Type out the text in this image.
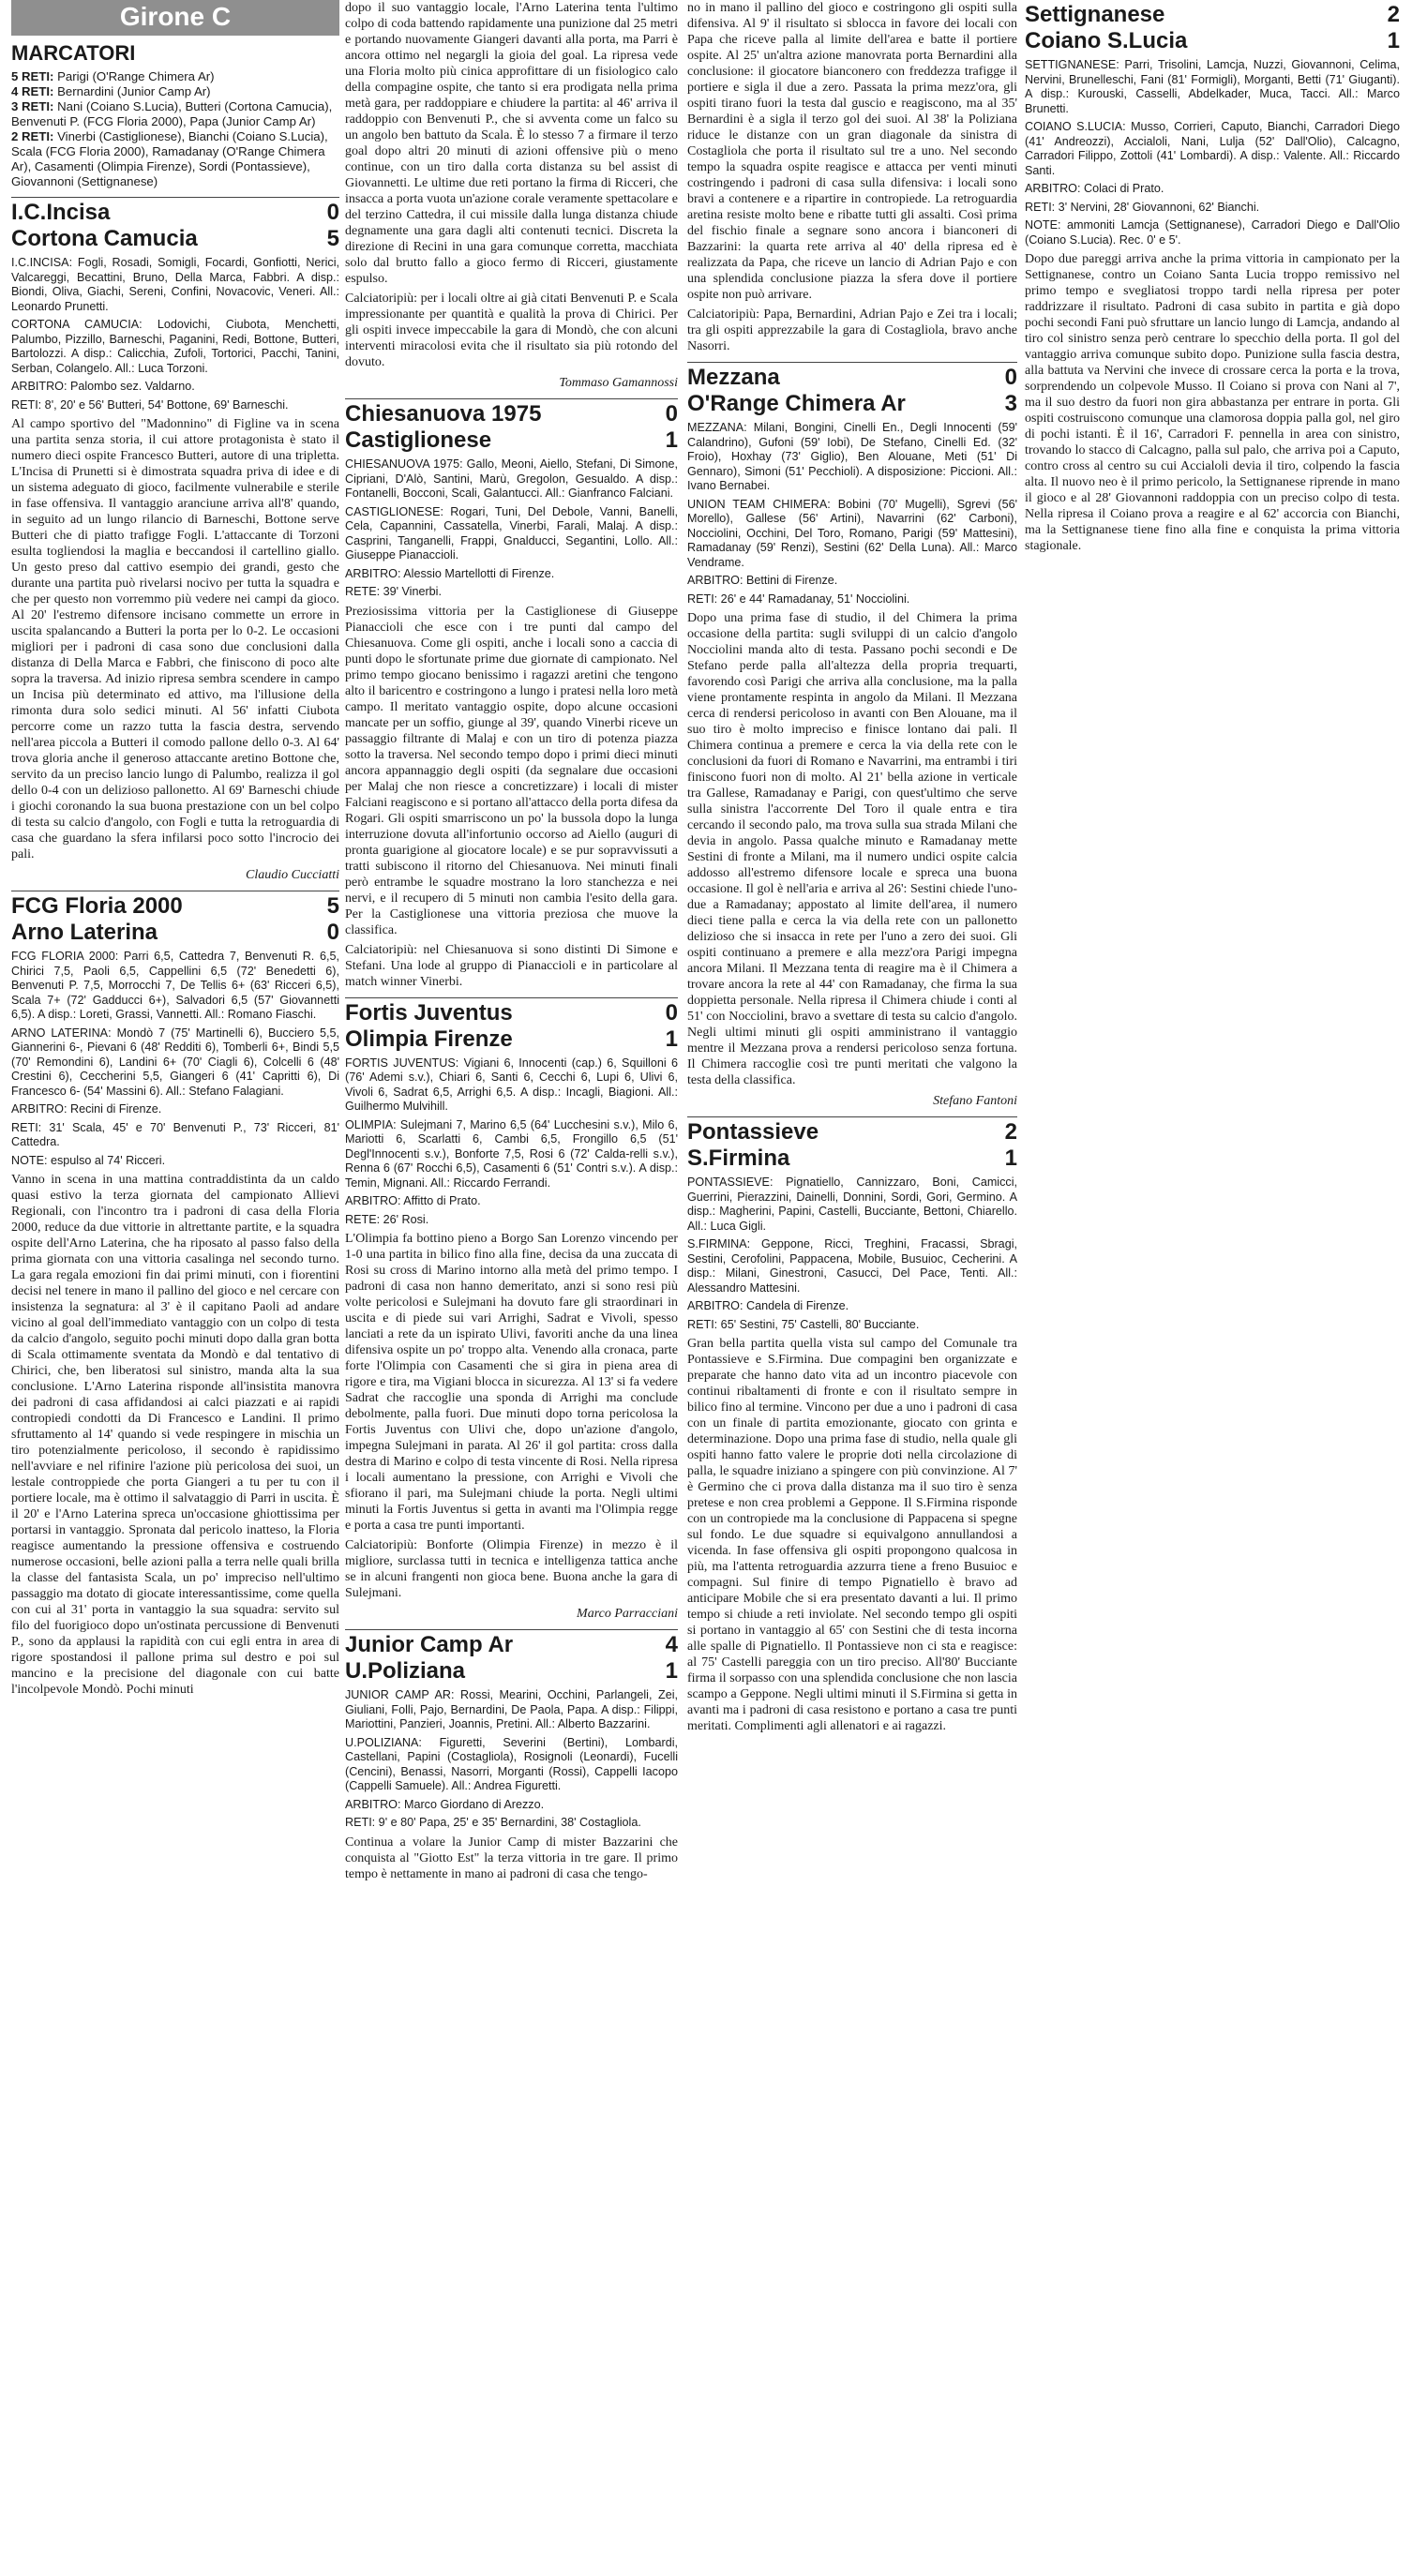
Girone C
MARCATORI

5 RETI: Parigi (O'Range Chimera Ar)

4 RETI: Bernardini (Junior Camp Ar)

3 RETI: Nani (Coiano S.Lucia), Butteri (Cortona Camucia), Benvenuti P. (FCG Floria 2000), Papa (Junior Camp Ar)

2 RETI: Vinerbi (Castiglionese), Bianchi (Coiano S.Lucia), Scala (FCG Floria 2000), Ramadanay (O'Range Chimera Ar), Casamenti (Olimpia Firenze), Sordi (Pontassieve), Giovannoni (Settignanese)

I.C.Incisa	0
Cortona Camucia	5

I.C.INCISA: Fogli, Rosadi, Somigli, Focardi, Gonfiotti, Nerici, Valcareggi, Becattini, Bruno, Della Marca, Fabbri. A disp.: Biondi, Oliva, Giachi, Sereni, Confini, Novacovic, Veneri. All.: Leonardo Prunetti.

CORTONA CAMUCIA: Lodovichi, Ciubota, Menchetti, Palumbo, Pizzillo, Barneschi, Paganini, Redi, Bottone, Butteri, Bartolozzi. A disp.: Calicchia, Zufoli, Tortorici, Pacchi, Tanini, Serban, Colangelo. All.: Luca Torzoni.

ARBITRO: Palombo sez. Valdarno.

RETI: 8', 20' e 56' Butteri, 54' Bottone, 69' Barneschi.

Al campo sportivo del "Madonnino" di Figline va in scena una partita senza storia, il cui attore protagonista è stato il numero dieci ospite Francesco Butteri, autore di una tripletta. L'Incisa di Prunetti si è dimostrata squadra priva di idee e di un sistema adeguato di gioco, facilmente vulnerabile e sterile in fase offensiva. Il vantaggio aranciune arriva all'8' quando, in seguito ad un lungo rilancio di Barneschi, Bottone serve Butteri che di piatto trafigge Fogli. L'attaccante di Torzoni esulta togliendosi la maglia e beccandosi il cartellino giallo. Un gesto preso dal cattivo esempio dei grandi, gesto che durante una partita può rivelarsi nocivo per tutta la squadra e che per questo non vorremmo più vedere nei campi da gioco. Al 20' l'estremo difensore incisano commette un errore in uscita spalancando a Butteri la porta per lo 0-2. Le occasioni migliori per i padroni di casa sono due conclusioni dalla distanza di Della Marca e Fabbri, che finiscono di poco alte sopra la traversa. Ad inizio ripresa sembra scendere in campo un Incisa più determinato ed attivo, ma l'illusione della rimonta dura solo sedici minuti. Al 56' infatti Ciubota percorre come un razzo tutta la fascia destra, servendo nell'area piccola a Butteri il comodo pallone dello 0-3. Al 64' trova gloria anche il generoso attaccante aretino Bottone che, servito da un preciso lancio lungo di Palumbo, realizza il gol dello 0-4 con un delizioso pallonetto. Al 69' Barneschi chiude i giochi coronando la sua buona prestazione con un bel colpo di testa su calcio d'angolo, con Fogli e tutta la retroguardia di casa che guardano la sfera infilarsi poco sotto l'incrocio dei pali.

Claudio Cucciatti
FCG Floria 2000	5
Arno Laterina	0

FCG FLORIA 2000: Parri 6,5, Cattedra 7, Benvenuti R. 6,5, Chirici 7,5, Paoli 6,5, Cappellini 6,5 (72' Benedetti 6), Benvenuti P. 7,5, Morrocchi 7, De Tellis 6+ (63' Ricceri 6,5), Scala 7+ (72' Gadducci 6+), Salvadori 6,5 (57' Giovannetti 6,5). A disp.: Loreti, Grassi, Vannetti. All.: Romano Fiaschi.

ARNO LATERINA: Mondò 7 (75' Martinelli 6), Bucciero 5,5, Giannerini 6-, Pievani 6 (48' Redditi 6), Tomberli 6+, Bindi 5,5 (70' Remondini 6), Landini 6+ (70' Ciagli 6), Colcelli 6 (48' Crestini 6), Ceccherini 5,5, Giangeri 6 (41' Capritti 6), Di Francesco 6- (54' Massini 6). All.: Stefano Falagiani.

ARBITRO: Recini di Firenze.

RETI: 31' Scala, 45' e 70' Benvenuti P., 73' Ricceri, 81' Cattedra.

NOTE: espulso al 74' Ricceri.

Vanno in scena in una mattina contraddistinta da un caldo quasi estivo la terza giornata del campionato Allievi Regionali, con l'incontro tra i padroni di casa della Floria 2000, reduce da due vittorie in altrettante partite, e la squadra ospite dell'Arno Laterina, che ha riposato al passo falso della prima giornata con una vittoria casalinga nel secondo turno. La gara regala emozioni fin dai primi minuti, con i fiorentini decisi nel tenere in mano il pallino del gioco e nel cercare con insistenza la segnatura: al 3' è il capitano Paoli ad andare vicino al goal dell'immediato vantaggio con un colpo di testa da calcio d'angolo, seguito pochi minuti dopo dalla gran botta di Scala ottimamente sventata da Mondò e dal tentativo di Chirici, che, ben liberatosi sul sinistro, manda alta la sua conclusione. L'Arno Laterina risponde all'insistita manovra dei padroni di casa affidandosi ai calci piazzati e ai rapidi contropiedi condotti da Di Francesco e Landini. Il primo sfruttamento al 14' quando si vede respingere in mischia un tiro potenzialmente pericoloso, il secondo è rapidissimo nell'avviare e nel rifinire l'azione più pericolosa dei suoi, un lestale controppiede che porta Giangeri a tu per tu con il portiere locale, ma è ottimo il salvataggio di Parri in uscita. È il 20' e l'Arno Laterina spreca un'occasione ghiottissima per portarsi in vantaggio. Spronata dal pericolo inatteso, la Floria reagisce aumentando la pressione offensiva e costruendo numerose occasioni, belle azioni palla a terra nelle quali brilla la classe del fantasista Scala, un po' impreciso nell'ultimo passaggio ma dotato di giocate interessantissime, come quella con cui al 31' porta in vantaggio la sua squadra: servito sul filo del fuorigioco dopo un'ostinata percussione di Benvenuti P., sono da applausi la rapidità con cui egli entra in area di rigore spostandosi il pallone prima sul destro e poi sul mancino e la precisione del diagonale con cui batte l'incolpevole Mondò. Pochi minuti

dopo il suo vantaggio locale, l'Arno Laterina tenta l'ultimo colpo di coda battendo rapidamente una punizione dal 25 metri e portando nuovamente Giangeri davanti alla porta, ma Parri è ancora ottimo nel negargli la gioia del goal. La ripresa vede una Floria molto più cinica approfittare di un fisiologico calo della compagine ospite, che tanto si era prodigata nella prima metà gara, per raddoppiare e chiudere la partita: al 46' arriva il raddoppio con Benvenuti P., che si avventa come un falco su un angolo ben battuto da Scala. È lo stesso 7 a firmare il terzo goal dopo altri 20 minuti di azioni offensive più o meno continue, con un tiro dalla corta distanza su bel assist di Giovannetti. Le ultime due reti portano la firma di Ricceri, che insacca a porta vuota un'azione corale veramente spettacolare e del terzino Cattedra, il cui missile dalla lunga distanza chiude degnamente una gara dagli alti contenuti tecnici. Discreta la direzione di Recini in una gara comunque corretta, macchiata solo dal brutto fallo a gioco fermo di Ricceri, giustamente espulso.

Calciatoripiù: per i locali oltre ai già citati Benvenuti P. e Scala impressionante per quantità e qualità la prova di Chirici. Per gli ospiti invece impeccabile la gara di Mondò, che con alcuni interventi miracolosi evita che il risultato sia più rotondo del dovuto.

Tommaso Gamannossi
Chiesanuova 1975	0
Castiglionese	1

CHIESANUOVA 1975: Gallo, Meoni, Aiello, Stefani, Di Simone, Cipriani, D'Alò, Santini, Marù, Gregolon, Gesualdo. A disp.: Fontanelli, Bocconi, Scali, Galantucci. All.: Gianfranco Falciani.

CASTIGLIONESE: Rogari, Tuni, Del Debole, Vanni, Banelli, Cela, Capannini, Cassatella, Vinerbi, Farali, Malaj. A disp.: Casprini, Tanganelli, Frappi, Gnalducci, Segantini, Lollo. All.: Giuseppe Pianaccioli.

ARBITRO: Alessio Martellotti di Firenze.

RETE: 39' Vinerbi.

Preziosissima vittoria per la Castiglionese di Giuseppe Pianaccioli che esce con i tre punti dal campo del Chiesanuova. Come gli ospiti, anche i locali sono a caccia di punti dopo le sfortunate prime due giornate di campionato. Nel primo tempo giocano benissimo i ragazzi aretini che tengono alto il baricentro e costringono a lungo i pratesi nella loro metà campo. Il meritato vantaggio ospite, dopo alcune occasioni mancate per un soffio, giunge al 39', quando Vinerbi riceve un passaggio filtrante di Malaj e con un tiro di potenza piazza sotto la traversa. Nel secondo tempo dopo i primi dieci minuti ancora appannaggio degli ospiti (da segnalare due occasioni per Malaj che non riesce a concretizzare) i locali di mister Falciani reagiscono e si portano all'attacco della porta difesa da Rogari. Gli ospiti smarriscono un po' la bussola dopo la lunga interruzione dovuta all'infortunio occorso ad Aiello (auguri di pronta guarigione al giocatore locale) e se pur sopravvissuti a tratti subiscono il ritorno del Chiesanuova. Nei minuti finali però entrambe le squadre mostrano la loro stanchezza e nei nervi, e il recupero di 5 minuti non cambia l'esito della gara. Per la Castiglionese una vittoria preziosa che muove la classifica.

Calciatoripiù: nel Chiesanuova si sono distinti Di Simone e Stefani. Una lode al gruppo di Pianaccioli e in particolare al match winner Vinerbi.

Fortis Juventus	0
Olimpia Firenze	1

FORTIS JUVENTUS: Vigiani 6, Innocenti (cap.) 6, Squilloni 6 (76' Ademi s.v.), Chiari 6, Santi 6, Cecchi 6, Lupi 6, Ulivi 6, Vivoli 6, Sadrat 6,5, Arrighi 6,5. A disp.: Incagli, Biagioni. All.: Guilhermo Mulvihill.

OLIMPIA: Sulejmani 7, Marino 6,5 (64' Lucchesini s.v.), Milo 6, Mariotti 6, Scarlatti 6, Cambi 6,5, Frongillo 6,5 (51' Degl'Innocenti s.v.), Bonforte 7,5, Rosi 6 (72' Calda-relli s.v.), Renna 6 (67' Rocchi 6,5), Casamenti 6 (51' Contri s.v.). A disp.: Temin, Mignani. All.: Riccardo Ferrandi.

ARBITRO: Affitto di Prato.

RETE: 26' Rosi.

L'Olimpia fa bottino pieno a Borgo San Lorenzo vincendo per 1-0 una partita in bilico fino alla fine, decisa da una zuccata di Rosi su cross di Marino intorno alla metà del primo tempo. I padroni di casa non hanno demeritato, anzi si sono resi più volte pericolosi e Sulejmani ha dovuto fare gli straordinari in uscita e di piede sui vari Arrighi, Sadrat e Vivoli, spesso lanciati a rete da un ispirato Ulivi, favoriti anche da una linea difensiva ospite un po' troppo alta. Venendo alla cronaca, parte forte l'Olimpia con Casamenti che si gira in piena area di rigore e tira, ma Vigiani blocca in sicurezza. Al 13' si fa vedere Sadrat che raccoglie una sponda di Arrighi ma conclude debolmente, palla fuori. Due minuti dopo torna pericolosa la Fortis Juventus con Ulivi che, dopo un'azione d'angolo, impegna Sulejmani in parata. Al 26' il gol partita: cross dalla destra di Marino e colpo di testa vincente di Rosi. Nella ripresa i locali aumentano la pressione, con Arrighi e Vivoli che sfiorano il pari, ma Sulejmani chiude la porta. Negli ultimi minuti la Fortis Juventus si getta in avanti ma l'Olimpia regge e porta a casa tre punti importanti.

Calciatoripiù: Bonforte (Olimpia Firenze) in mezzo è il migliore, surclassa tutti in tecnica e intelligenza tattica anche se in alcuni frangenti non gioca bene. Buona anche la gara di Sulejmani.

Marco Parracciani
Junior Camp Ar	4
U.Poliziana	1

JUNIOR CAMP AR: Rossi, Mearini, Occhini, Parlangeli, Zei, Giuliani, Folli, Pajo, Bernardini, De Paola, Papa. A disp.: Filippi, Mariottini, Panzieri, Joannis, Pretini. All.: Alberto Bazzarini.

U.POLIZIANA: Figuretti, Severini (Bertini), Lombardi, Castellani, Papini (Costagliola), Rosignoli (Leonardi), Fucelli (Cencini), Benassi, Nasorri, Morganti (Rossi), Cappelli Iacopo (Cappelli Samuele). All.: Andrea Figuretti.

ARBITRO: Marco Giordano di Arezzo.

RETI: 9' e 80' Papa, 25' e 35' Bernardini, 38' Costagliola.

Continua a volare la Junior Camp di mister Bazzarini che conquista al "Giotto Est" la terza vittoria in tre gare. Il primo tempo è nettamente in mano ai padroni di casa che tengo-

no in mano il pallino del gioco e costringono gli ospiti sulla difensiva. Al 9' il risultato si sblocca in favore dei locali con Papa che riceve palla al limite dell'area e batte il portiere ospite. Al 25' un'altra azione manovrata porta Bernardini alla conclusione: il giocatore bianconero con freddezza trafigge il portiere e sigla il due a zero. Passata la prima mezz'ora, gli ospiti tirano fuori la testa dal guscio e reagiscono, ma al 35' Bernardini è a sigla il terzo gol dei suoi. Al 38' la Poliziana riduce le distanze con un gran diagonale da sinistra di Costagliola che porta il risultato sul tre a uno. Nel secondo tempo la squadra ospite reagisce e attacca per venti minuti costringendo i padroni di casa sulla difensiva: i locali sono bravi a contenere e a ripartire in contropiede. La retroguardia aretina resiste molto bene e ribatte tutti gli assalti. Così prima del fischio finale a segnare sono ancora i bianconeri di Bazzarini: la quarta rete arriva al 40' della ripresa ed è realizzata da Papa, che riceve un lancio di Adrian Pajo e con una splendida conclusione piazza la sfera dove il portiere ospite non può arrivare.

Calciatoripiù: Papa, Bernardini, Adrian Pajo e Zei tra i locali; tra gli ospiti apprezzabile la gara di Costagliola, bravo anche Nasorri.

Mezzana	0
O'Range Chimera Ar	3

MEZZANA: Milani, Bongini, Cinelli En., Degli Innocenti (59' Calandrino), Gufoni (59' Iobi), De Stefano, Cinelli Ed. (32' Froio), Hoxhay (73' Giglio), Ben Alouane, Meti (51' Di Gennaro), Simoni (51' Pecchioli). A disposizione: Piccioni. All.: Ivano Bernabei.

UNION TEAM CHIMERA: Bobini (70' Mugelli), Sgrevi (56' Morello), Gallese (56' Artini), Navarrini (62' Carboni), Nocciolini, Occhini, Del Toro, Romano, Parigi (59' Mattesini), Ramadanay (59' Renzi), Sestini (62' Della Luna). All.: Marco Vendrame.

ARBITRO: Bettini di Firenze.

RETI: 26' e 44' Ramadanay, 51' Nocciolini.

Dopo una prima fase di studio, il del Chimera la prima occasione della partita: sugli sviluppi di un calcio d'angolo Nocciolini manda alto di testa. Passano pochi secondi e De Stefano perde palla all'altezza della propria trequarti, favorendo così Parigi che arriva alla conclusione, ma la palla viene prontamente respinta in angolo da Milani. Il Mezzana cerca di rendersi pericoloso in avanti con Ben Alouane, ma il suo tiro è molto impreciso e finisce lontano dai pali. Il Chimera continua a premere e cerca la via della rete con le conclusioni da fuori di Romano e Navarrini, ma entrambi i tiri finiscono fuori non di molto. Al 21' bella azione in verticale tra Gallese, Ramadanay e Parigi, con quest'ultimo che serve sulla sinistra l'accorrente Del Toro il quale entra e tira cercando il secondo palo, ma trova sulla sua strada Milani che devia in angolo. Passa qualche minuto e Ramadanay mette Sestini di fronte a Milani, ma il numero undici ospite calcia addosso all'estremo difensore locale e spreca una buona occasione. Il gol è nell'aria e arriva al 26': Sestini chiede l'uno-due a Ramadanay; appostato al limite dell'area, il numero dieci tiene palla e cerca la via della rete con un pallonetto delizioso che si insacca in rete per l'uno a zero dei suoi. Gli ospiti continuano a premere e alla mezz'ora Parigi impegna ancora Milani. Il Mezzana tenta di reagire ma è il Chimera a trovare ancora la rete al 44' con Ramadanay, che firma la sua doppietta personale. Nella ripresa il Chimera chiude i conti al 51' con Nocciolini, bravo a svettare di testa su calcio d'angolo. Negli ultimi minuti gli ospiti amministrano il vantaggio mentre il Mezzana prova a rendersi pericoloso senza fortuna. Il Chimera raccoglie così tre punti meritati che valgono la testa della classifica.

Stefano Fantoni
Pontassieve	2
S.Firmina	1

PONTASSIEVE: Pignatiello, Cannizzaro, Boni, Camicci, Guerrini, Pierazzini, Dainelli, Donnini, Sordi, Gori, Germino. A disp.: Magherini, Papini, Castelli, Bucciante, Bettoni, Chiarello. All.: Luca Gigli.

S.FIRMINA: Geppone, Ricci, Treghini, Fracassi, Sbragi, Sestini, Cerofolini, Pappacena, Mobile, Busuioc, Cecherini. A disp.: Milani, Ginestroni, Casucci, Del Pace, Tenti. All.: Alessandro Mattesini.

ARBITRO: Candela di Firenze.

RETI: 65' Sestini, 75' Castelli, 80' Bucciante.

Gran bella partita quella vista sul campo del Comunale tra Pontassieve e S.Firmina. Due compagini ben organizzate e preparate che hanno dato vita ad un incontro piacevole con continui ribaltamenti di fronte e con il risultato sempre in bilico fino al termine. Vincono per due a uno i padroni di casa con un finale di partita emozionante, giocato con grinta e determinazione. Dopo una prima fase di studio, nella quale gli ospiti hanno fatto valere le proprie doti nella circolazione di palla, le squadre iniziano a spingere con più convinzione. Al 7' è Germino che ci prova dalla distanza ma il suo tiro è senza pretese e non crea problemi a Geppone. Il S.Firmina risponde con un contropiede ma la conclusione di Pappacena si spegne sul fondo. Le due squadre si equivalgono annullandosi a vicenda. In fase offensiva gli ospiti propongono qualcosa in più, ma l'attenta retroguardia azzurra tiene a freno Busuioc e compagni. Sul finire di tempo Pignatiello è bravo ad anticipare Mobile che si era presentato davanti a lui. Il primo tempo si chiude a reti inviolate. Nel secondo tempo gli ospiti si portano in vantaggio al 65' con Sestini che di testa incorna alle spalle di Pignatiello. Il Pontassieve non ci sta e reagisce: al 75' Castelli pareggia con un tiro preciso. All'80' Bucciante firma il sorpasso con una splendida conclusione che non lascia scampo a Geppone. Negli ultimi minuti il S.Firmina si getta in avanti ma i padroni di casa resistono e portano a casa tre punti meritati. Complimenti agli allenatori e ai ragazzi.

Settignanese	2
Coiano S.Lucia	1

SETTIGNANESE: Parri, Trisolini, Lamcja, Nuzzi, Giovannoni, Celima, Nervini, Brunelleschi, Fani (81' Formigli), Morganti, Betti (71' Giuganti). A disp.: Kurouski, Casselli, Abdelkader, Muca, Tacci. All.: Marco Brunetti.

COIANO S.LUCIA: Musso, Corrieri, Caputo, Bianchi, Carradori Diego (41' Andreozzi), Accialoli, Nani, Lulja (52' Dall'Olio), Calcagno, Carradori Filippo, Zottoli (41' Lombardi). A disp.: Valente. All.: Riccardo Santi.

ARBITRO: Colaci di Prato.

RETI: 3' Nervini, 28' Giovannoni, 62' Bianchi.

NOTE: ammoniti Lamcja (Settignanese), Carradori Diego e Dall'Olio (Coiano S.Lucia). Rec. 0' e 5'.

Dopo due pareggi arriva anche la prima vittoria in campionato per la Settignanese, contro un Coiano Santa Lucia troppo remissivo nel primo tempo e svegliatosi troppo tardi nella ripresa per poter raddrizzare il risultato. Padroni di casa subito in partita e già dopo pochi secondi Fani può sfruttare un lancio lungo di Lamcja, andando al tiro col sinistro senza però centrare lo specchio della porta. Il gol del vantaggio arriva comunque subito dopo. Punizione sulla fascia destra, alla battuta va Nervini che invece di crossare cerca la porta e la trova, sorprendendo un colpevole Musso. Il Coiano si prova con Nani al 7', ma il suo destro da fuori non gira abbastanza per entrare in porta. Gli ospiti costruiscono comunque una clamorosa doppia palla gol, nel giro di pochi istanti. È il 16', Carradori F. pennella in area con sinistro, trovando lo stacco di Calcagno, palla sul palo, che arriva poi a Caputo, contro cross al centro su cui Accialoli devia il tiro, colpendo la fascia alta. Il nuovo neo è il primo pericolo, la Settignanese riprende in mano il gioco e al 28' Giovannoni raddoppia con un preciso colpo di testa. Nella ripresa il Coiano prova a reagire e al 62' accorcia con Bianchi, ma la Settignanese tiene fino alla fine e conquista la prima vittoria stagionale.
